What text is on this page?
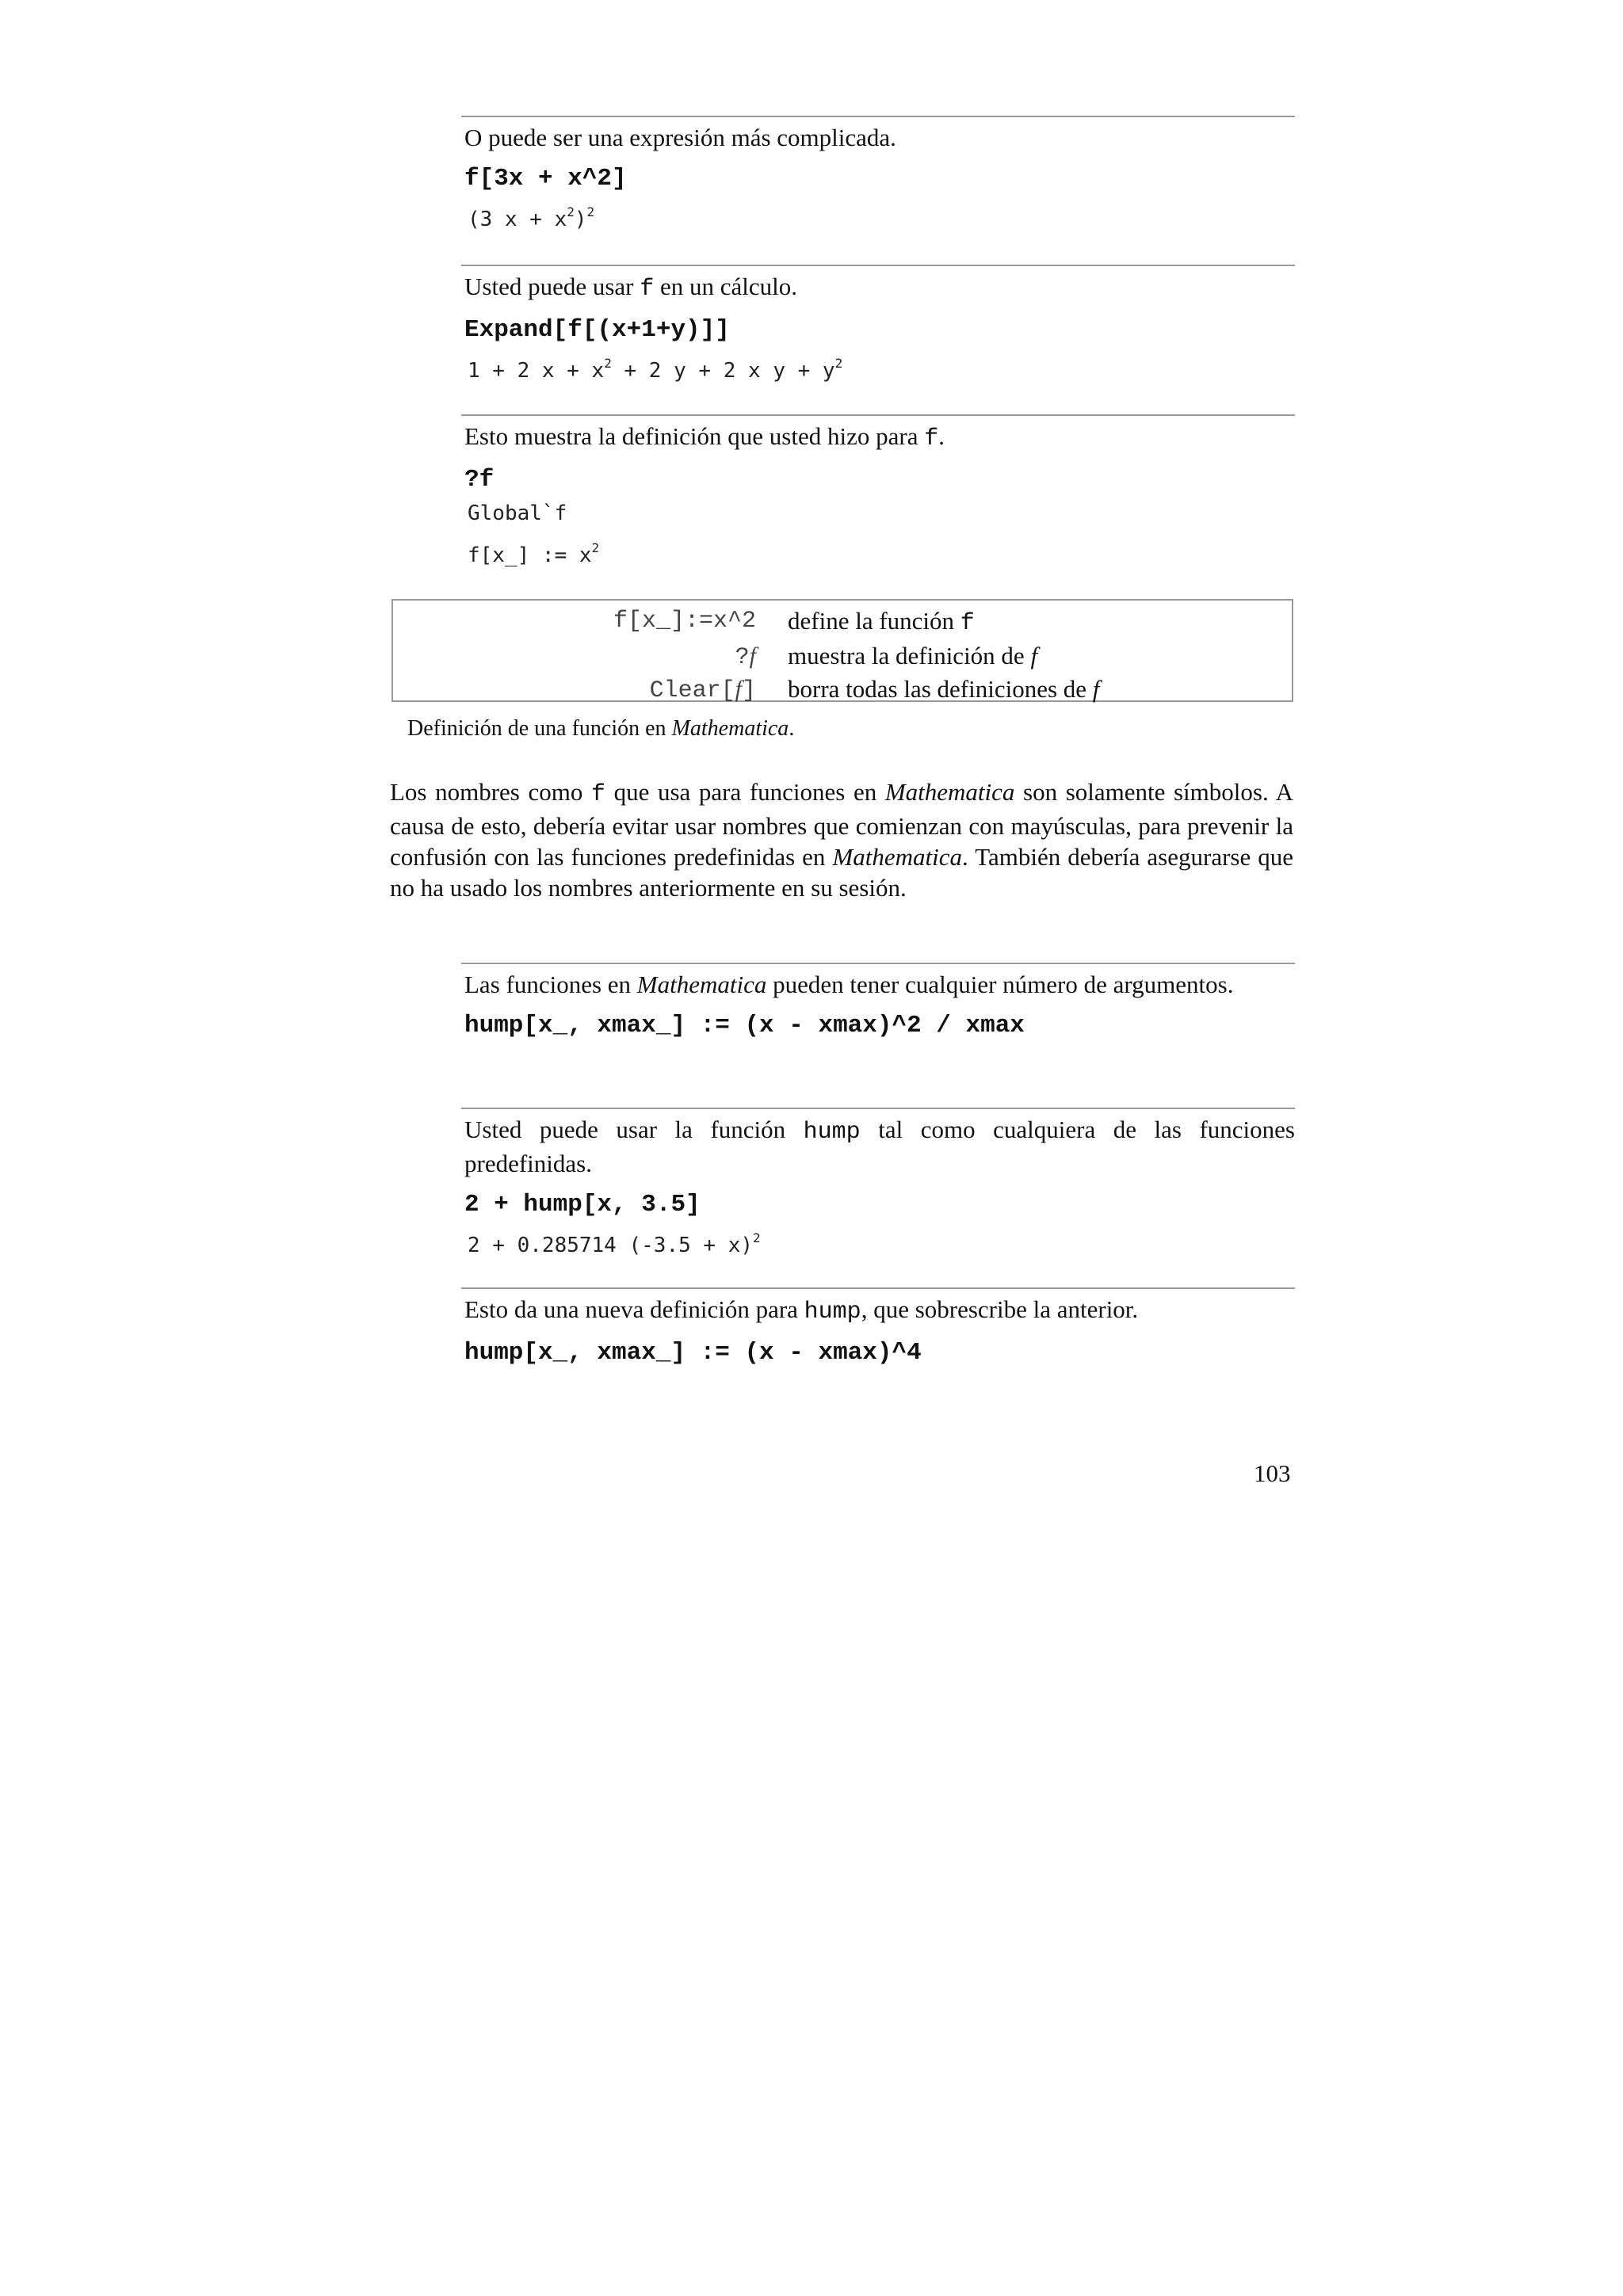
O puede ser una expresión más complicada.
f[3x + x^2]
(3 $x + x^2)^2$
Usted puede usar f en un cálculo.
Expand[f[(x+1+y)]]
1 + 2 $x + x^2 + 2$ y + 2 x $y + y^2$
Esto muestra la definición que usted hizo para f.
?f
Global`f
f[x_] := $x^2$
f[x_]:=x^2 define la función f
?f muestra la definición de f
Clear[f] borra todas las definiciones de f
Definición de una función en Mathematica.
Los nombres como f que usa para funciones en Mathematica son solamente símbolos. A causa de esto, debería evitar usar nombres que comienzan con mayúsculas, para prevenir la confusión con las funciones predefinidas en Mathematica. También debería asegurarse que no ha usado los nombres anteriormente en su sesión.
Las funciones en Mathematica pueden tener cualquier número de argumentos.
hump[x_, xmax_] := (x - xmax)^2 / xmax
Usted puede usar la función hump tal como cualquiera de las funciones predefinidas.
2 + hump[x, 3.5]
2 + 0.285714 $(-3.5 + x)^2$
Esto da una nueva definición para hump, que sobrescribe la anterior.
hump[x_, xmax_] := (x - xmax)^4
103
